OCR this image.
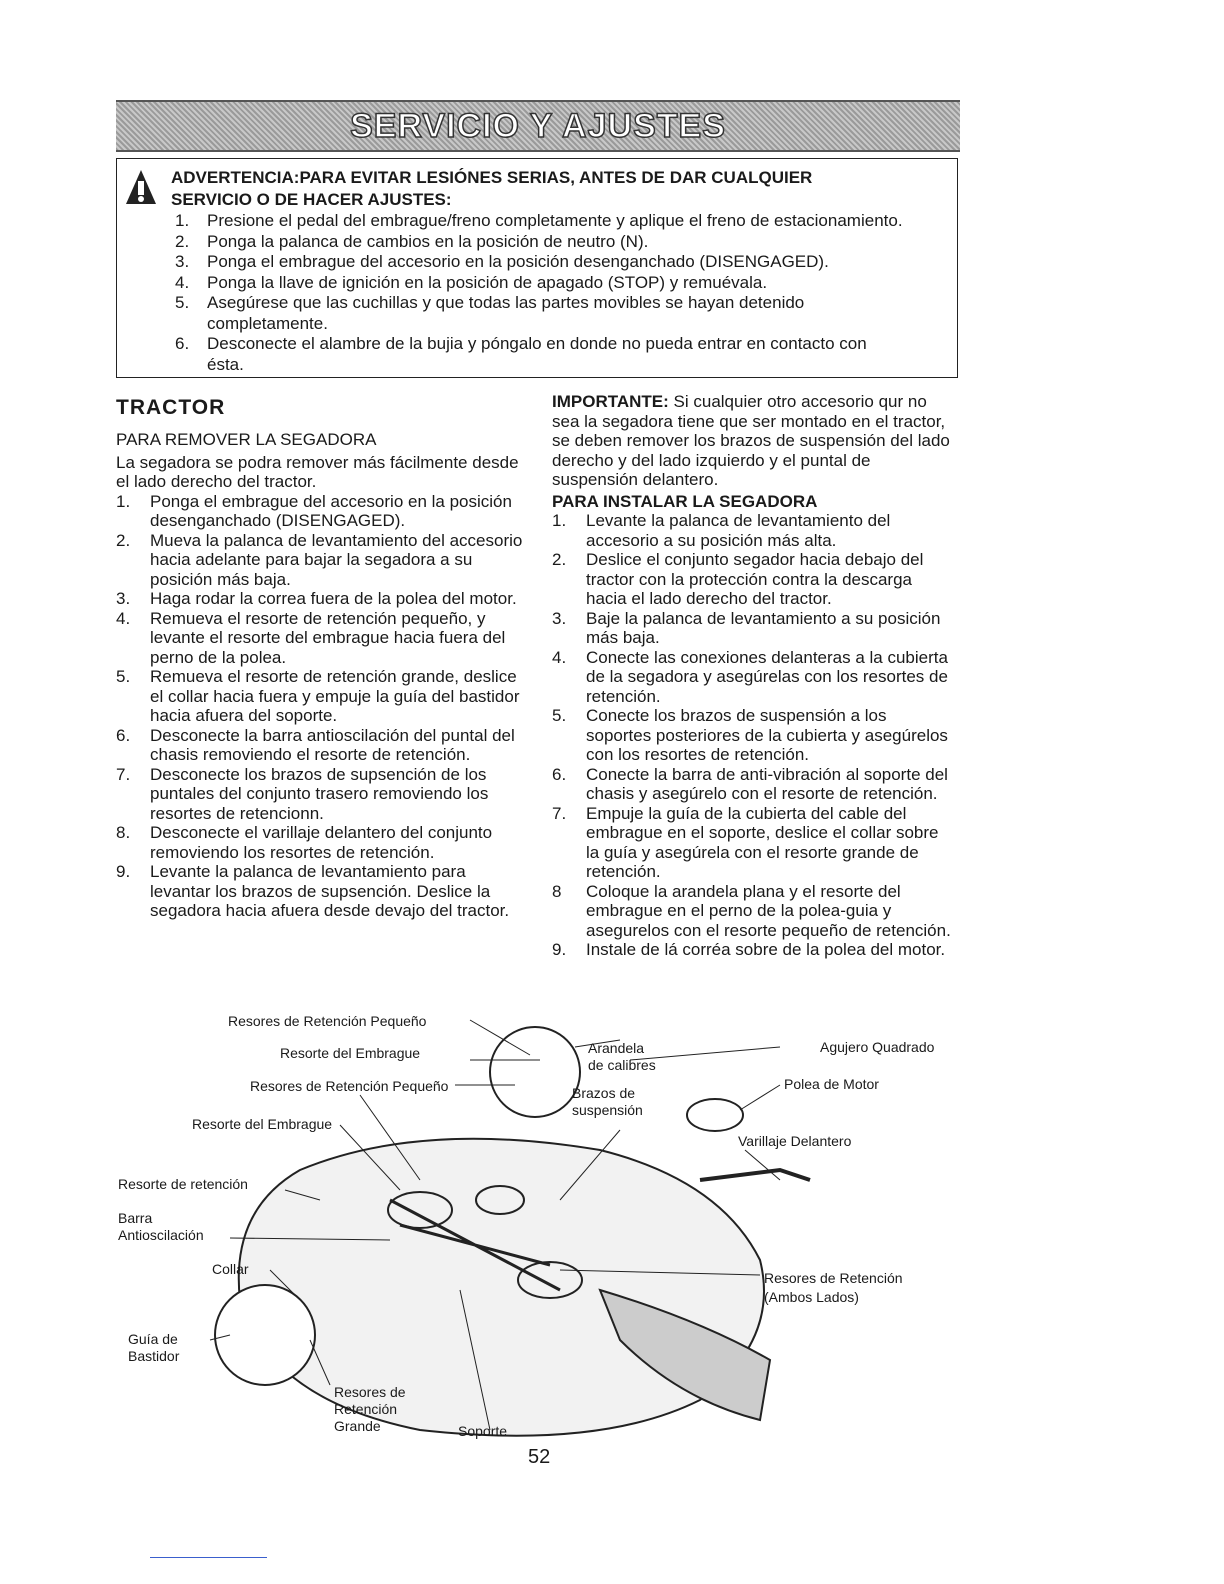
SERVICIO Y AJUSTES
ADVERTENCIA:PARA EVITAR LESIÓNES SERIAS, ANTES DE DAR CUALQUIER
SERVICIO O DE HACER AJUSTES:
1.	Presione el pedal del embrague/freno completamente y aplique el freno de estacionamiento.
2.	Ponga la palanca de cambios en la posición de neutro (N).
3.	Ponga el embrague del accesorio en la posición desenganchado (DISENGAGED).
4.	Ponga la llave de ignición en la posición de apagado (STOP) y remuévala.
5.	Asegúrese que las cuchillas y que todas las partes movibles se hayan detenido completamente.
6.	Desconecte el alambre de la bujia y póngalo en donde no pueda entrar en contacto con ésta.
TRACTOR
PARA REMOVER LA SEGADORA

La segadora se podra remover más fácilmente desde el lado derecho del tractor.

1.	Ponga el embrague del accesorio en la posición desenganchado (DISENGAGED).
2.	Mueva la palanca de levantamiento del accesorio hacia adelante para bajar la segadora a su posición más baja.
3.	Haga rodar la correa fuera de la polea del motor.
4.	Remueva el resorte de retención pequeño, y levante el resorte del embrague hacia fuera del perno de la polea.
5.	Remueva el resorte de retención grande, deslice el collar hacia fuera y empuje la guía del bastidor hacia afuera del soporte.
6.	Desconecte la barra antioscilación del puntal del chasis removiendo el resorte de retención.
7.	Desconecte los brazos de supsención de los puntales del conjunto trasero removiendo los resortes de retencionn.
8.	Desconecte el varillaje delantero del conjunto removiendo los resortes de retención.
9.	Levante la palanca de levantamiento para levantar los brazos de supsención. Deslice la segadora hacia afuera desde devajo del tractor.

IMPORTANTE: Si cualquier otro accesorio qur no sea la segadora tiene que ser montado en el tractor, se deben remover los brazos de suspensión del lado derecho y del lado izquierdo y el puntal de suspensión delantero.

PARA INSTALAR LA SEGADORA
1.	Levante la palanca de levantamiento del accesorio a su posición más alta.
2.	Deslice el conjunto segador hacia debajo del tractor con la protección contra la descarga hacia el lado derecho del tractor.
3.	Baje la palanca de levantamiento a su posición más baja.
4.	Conecte las conexiones delanteras a la cubierta de la segadora y asegúrelas con los resortes de retención.
5.	Conecte los brazos de suspensión a los soportes posteriores de la cubierta y asegúrelos con los resortes de retención.
6.	Conecte la barra de anti-vibración al soporte del chasis y asegúrelo con el resorte de retención.
7.	Empuje la guía de la cubierta del cable del embrague en el soporte, deslice el collar sobre la guía y asegúrela con el resorte grande de retención.
8	Coloque la arandela plana y el resorte del embrague en el perno de la polea-guia y asegurelos con el resorte pequeño de retención.
9.	Instale de lá corréa sobre de la polea del motor.
Resores de Retención Pequeño
Resorte del Embrague
Resores de Retención Pequeño
Resorte del Embrague
Resorte de retención
Barra
Antioscilación
Collar
Guía de
Bastidor
Resores de
Retención
Grande	Soporte
Arandela
de calibres
Brazos de
suspensión
Agujero Quadrado
Polea de Motor
Varillaje Delantero
Resores de Retención
(Ambos Lados)
52
